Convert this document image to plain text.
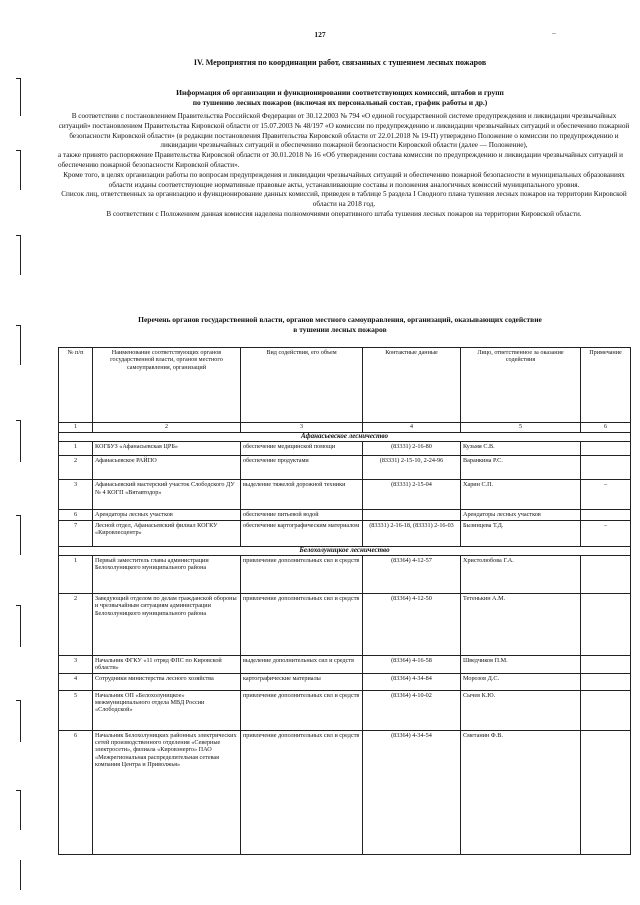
127	–
IV. Мероприятия по координации работ, связанных с тушением лесных пожаров
Информация об организации и функционировании соответствующих комиссий, штабов и групп
по тушению лесных пожаров (включая их персональный состав, график работы и др.)

В соответствии с постановлением Правительства Российской Федерации от 30.12.2003 № 794 «О единой государственной системе предупреждения и ликвидации чрезвычайных ситуаций» постановлением Правительства Кировской области от 15.07.2003 № 48/197 «О комиссии по предупреждению и ликвидации чрезвычайных ситуаций и обеспечению пожарной безопасности Кировской области» (в редакции постановления Правительства Кировской области от 22.01.2018 № 19-П) утверждено Положение о комиссии по предупреждению и ликвидации чрезвычайных ситуаций и обеспечению пожарной безопасности Кировской области (далее — Положение),

а также принято распоряжение Правительства Кировской области от 30.01.2018 № 16 «Об утверждении состава комиссии по предупреждению и ликвидации чрезвычайных ситуаций и обеспечению пожарной безопасности Кировской области».

Кроме того, в целях организации работы по вопросам предупреждения и ликвидации чрезвычайных ситуаций и обеспечению пожарной безопасности в муниципальных образованиях области изданы соответствующие нормативные правовые акты, устанавливающие составы и положения аналогичных комиссий муниципального уровня.

Список лиц, ответственных за организацию и функционирование данных комиссий, приведен в таблице 5 раздела I Сводного плана тушения лесных пожаров на территории Кировской области на 2018 год.

В соответствии с Положением данная комиссия наделена полномочиями оперативного штаба тушения лесных пожаров на территории Кировской области.

Перечень органов государственной власти, органов местного самоуправления, организаций, оказывающих содействие
в тушении лесных пожаров
№ п/п	Наименование соответствующих органов государственной власти, органов местного самоуправления, организаций	Вид содействия, его объем	Контактные данные	Лицо, ответственное за оказание содействия	Примечание
1	2	3	4	5	6
Афанасьевское лесничество					
1	КОГБУЗ «Афанасьевская ЦРБ»	обеспечение медицинской помощи	(83331) 2-16-80	Кузьмя С.В.	
2	Афанасьевское РАЙПО	обеспечение продуктами	(83331) 2-15-10, 2-24-96	Варанкина Р.С.	
3	Афанасьевский мастерский участок Слободского ДУ № 4 КОГП «Вятавтодор»	выделение тяжелой дорожной техники	(83331) 2-15-04	Харин С.П.	–
6	Арендаторы лесных участков	обеспечение питьевой водой		Арендаторы лесных участков	
7	Лесной отдел, Афанасьевский филиал КОГКУ «Кировлесцентр»	обеспечение картографическим материалом	(83331) 2-16-18, (83331) 2-16-03	Бызинцева Т.Д.	–
Белохолуницкое лесничество					
1	Первый заместитель главы администрации Белохолуницкого муниципального района	привлечение дополнительных сил и средств	(83364) 4-12-57	Христолюбова Г.А.	
2	Заведующий отделом по делам гражданской обороны и чрезвычайным ситуациям администрации Белохолуницкого муниципального района	привлечение дополнительных сил и средств	(83364) 4-12-50	Тетенькин А.М.	
3	Начальник ФГКУ «11 отряд ФПС по Кировской области»	выделение дополнительных сил и средств	(83364) 4-16-58	Шведчиков П.М.	
4	Сотрудники министерства лесного хозяйства	картографические материалы	(83364) 4-34-84	Морозов Д.С.	
5	Начальник ОП «Белохолуницкое» межмуниципального отдела МВД России «Слободской»	привлечение дополнительных сил и средств	(83364) 4-10-02	Сычев К.Ю.	
6	Начальник Белохолуницких районных электрических сетей производственного отделения «Северные электросети», филиала «Кировэнерго» ПАО «Межрегиональная распределительная сетевая компания Центра и Приволжья»	привлечение дополнительных сил и средств	(83364) 4-34-54	Сметанин Ф.В.	
